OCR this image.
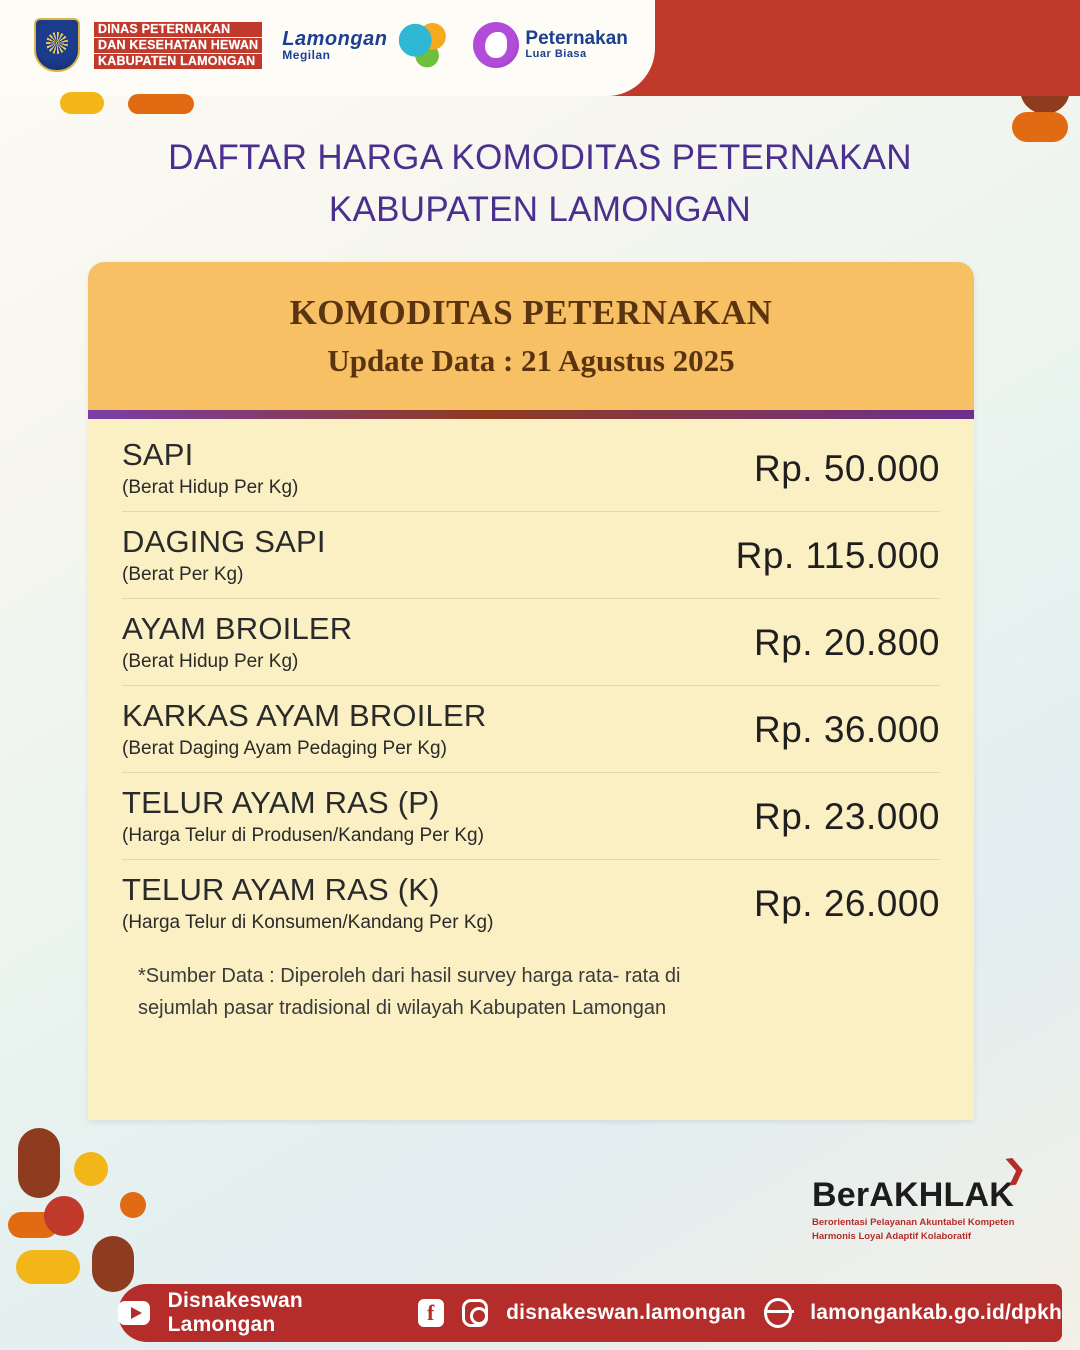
DINAS PETERNAKAN
DAN KESEHATAN HEWAN
KABUPATEN LAMONGAN
Lamongan
Megilan
Peternakan
Luar Biasa
DAFTAR HARGA KOMODITAS PETERNAKAN
KABUPATEN LAMONGAN
KOMODITAS PETERNAKAN
Update Data : 21 Agustus 2025
SAPI
(Berat Hidup Per Kg)	Rp. 50.000
DAGING SAPI
(Berat Per Kg)	Rp. 115.000
AYAM BROILER
(Berat Hidup Per Kg)	Rp. 20.800
KARKAS AYAM BROILER
(Berat Daging Ayam Pedaging Per Kg)	Rp. 36.000
TELUR AYAM RAS (P)
(Harga Telur di Produsen/Kandang Per Kg)	Rp. 23.000
TELUR AYAM RAS (K)
(Harga Telur di Konsumen/Kandang Per Kg)	Rp. 26.000
*Sumber Data : Diperoleh dari hasil survey harga rata- rata di
sejumlah pasar tradisional di wilayah Kabupaten Lamongan
❯
BerAKHLAK
Berorientasi Pelayanan Akuntabel Kompeten
Harmonis Loyal Adaptif Kolaboratif
Disnakeswan Lamongan	f	disnakeswan.lamongan	lamongankab.go.id/dpkh
